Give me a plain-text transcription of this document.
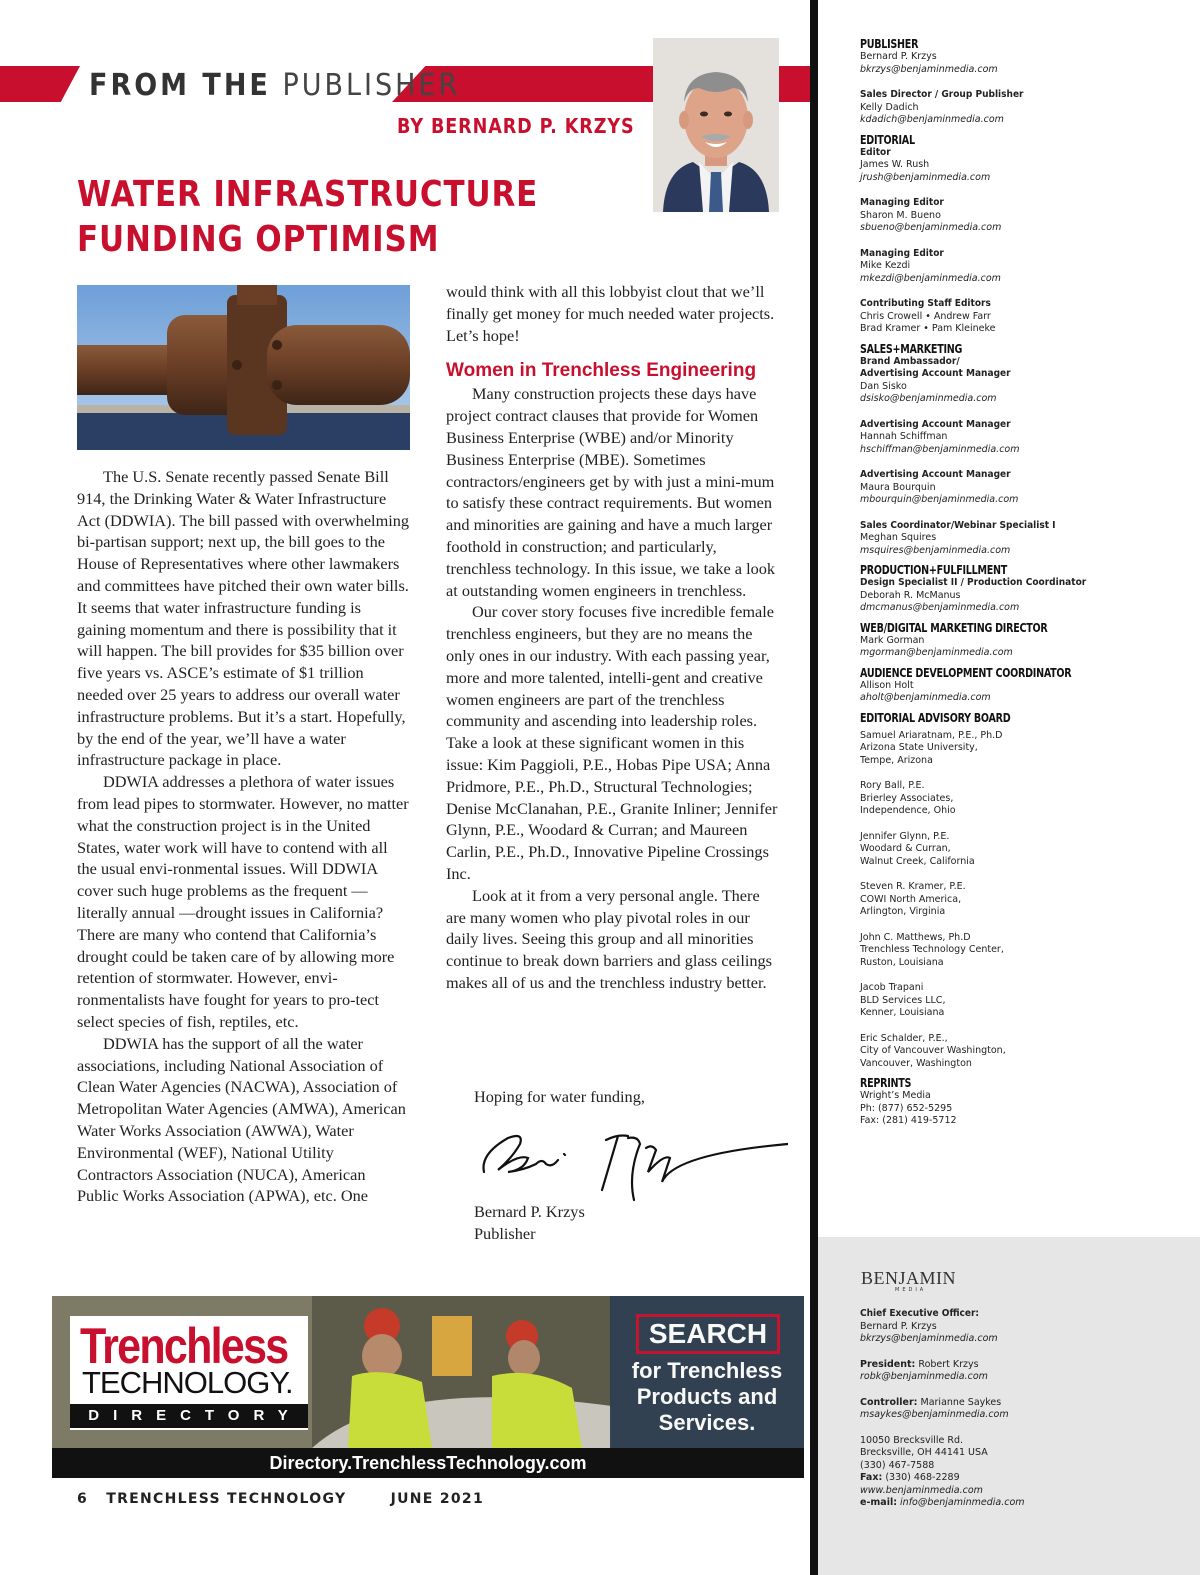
FROM THE PUBLISHER
BY BERNARD P. KRZYS
WATER INFRASTRUCTURE
FUNDING OPTIMISM

The U.S. Senate recently passed Senate Bill 914, the Drinking Water & Water Infrastructure Act (DDWIA). The bill passed with overwhelming bi-partisan support; next up, the bill goes to the House of Representatives where other lawmakers and committees have pitched their own water bills. It seems that water infrastructure funding is gaining momentum and there is possibility that it will happen. The bill provides for $35 billion over five years vs. ASCE’s estimate of $1 trillion needed over 25 years to address our overall water infrastructure problems. But it’s a start. Hopefully, by the end of the year, we’ll have a water infrastructure package in place.

DDWIA addresses a plethora of water issues from lead pipes to stormwater. However, no matter what the construction project is in the United States, water work will have to contend with all the usual envi-ronmental issues. Will DDWIA cover such huge problems as the frequent — literally annual —drought issues in California? There are many who contend that California’s drought could be taken care of by allowing more retention of stormwater. However, envi-ronmentalists have fought for years to pro-tect select species of fish, reptiles, etc.

DDWIA has the support of all the water associations, including National Association of Clean Water Agencies (NACWA), Association of Metropolitan Water Agencies (AMWA), American Water Works Association (AWWA), Water Environmental (WEF), National Utility Contractors Association (NUCA), American Public Works Association (APWA), etc. One

would think with all this lobbyist clout that we’ll finally get money for much needed water projects. Let’s hope!

Women in Trenchless Engineering

Many construction projects these days have project contract clauses that provide for Women Business Enterprise (WBE) and/or Minority Business Enterprise (MBE). Sometimes contractors/engineers get by with just a mini-mum to satisfy these contract requirements. But women and minorities are gaining and have a much larger foothold in construction; and particularly, trenchless technology. In this issue, we take a look at outstanding women engineers in trenchless.

Our cover story focuses five incredible female trenchless engineers, but they are no means the only ones in our industry. With each passing year, more and more talented, intelli-gent and creative women engineers are part of the trenchless community and ascending into leadership roles. Take a look at these significant women in this issue: Kim Paggioli, P.E., Hobas Pipe USA; Anna Pridmore, P.E., Ph.D., Structural Technologies; Denise McClanahan, P.E., Granite Inliner; Jennifer Glynn, P.E., Woodard & Curran; and Maureen Carlin, P.E., Ph.D., Innovative Pipeline Crossings Inc.

Look at it from a very personal angle. There are many women who play pivotal roles in our daily lives. Seeing this group and all minorities continue to break down barriers and glass ceilings makes all of us and the trenchless industry better.

Hoping for water funding,
Bernard P. Krzys
Publisher
Trenchless
TECHNOLOGY.
DIRECTORY
SEARCH
for Trenchless Products and Services.
Directory.TrenchlessTechnology.com
6 TRENCHLESS TECHNOLOGY	JUNE 2021
PUBLISHER
Bernard P. Krzys
bkrzys@benjaminmedia.com
Sales Director / Group Publisher
Kelly Dadich
kdadich@benjaminmedia.com
EDITORIAL
Editor
James W. Rush
jrush@benjaminmedia.com
Managing Editor
Sharon M. Bueno
sbueno@benjaminmedia.com
Managing Editor
Mike Kezdi
mkezdi@benjaminmedia.com
Contributing Staff Editors
Chris Crowell • Andrew Farr
Brad Kramer • Pam Kleineke
SALES+MARKETING
Brand Ambassador/
Advertising Account Manager
Dan Sisko
dsisko@benjaminmedia.com
Advertising Account Manager
Hannah Schiffman
hschiffman@benjaminmedia.com
Advertising Account Manager
Maura Bourquin
mbourquin@benjaminmedia.com
Sales Coordinator/Webinar Specialist I
Meghan Squires
msquires@benjaminmedia.com
PRODUCTION+FULFILLMENT
Design Specialist II / Production Coordinator
Deborah R. McManus
dmcmanus@benjaminmedia.com
WEB/DIGITAL MARKETING DIRECTOR
Mark Gorman
mgorman@benjaminmedia.com
AUDIENCE DEVELOPMENT COORDINATOR
Allison Holt
aholt@benjaminmedia.com
EDITORIAL ADVISORY BOARD
Samuel Ariaratnam, P.E., Ph.D
Arizona State University,
Tempe, Arizona
Rory Ball, P.E.
Brierley Associates,
Independence, Ohio
Jennifer Glynn, P.E.
Woodard & Curran,
Walnut Creek, California
Steven R. Kramer, P.E.
COWI North America,
Arlington, Virginia
John C. Matthews, Ph.D
Trenchless Technology Center,
Ruston, Louisiana
Jacob Trapani
BLD Services LLC,
Kenner, Louisiana
Eric Schalder, P.E.,
City of Vancouver Washington,
Vancouver, Washington
REPRINTS
Wright’s Media
Ph: (877) 652-5295
Fax: (281) 419-5712
BENJAMIN
MEDIA
Chief Executive Officer:
Bernard P. Krzys
bkrzys@benjaminmedia.com
President: Robert Krzys
robk@benjaminmedia.com
Controller: Marianne Saykes
msaykes@benjaminmedia.com
10050 Brecksville Rd.
Brecksville, OH 44141 USA
(330) 467-7588
Fax: (330) 468-2289
www.benjaminmedia.com
e-mail: info@benjaminmedia.com
